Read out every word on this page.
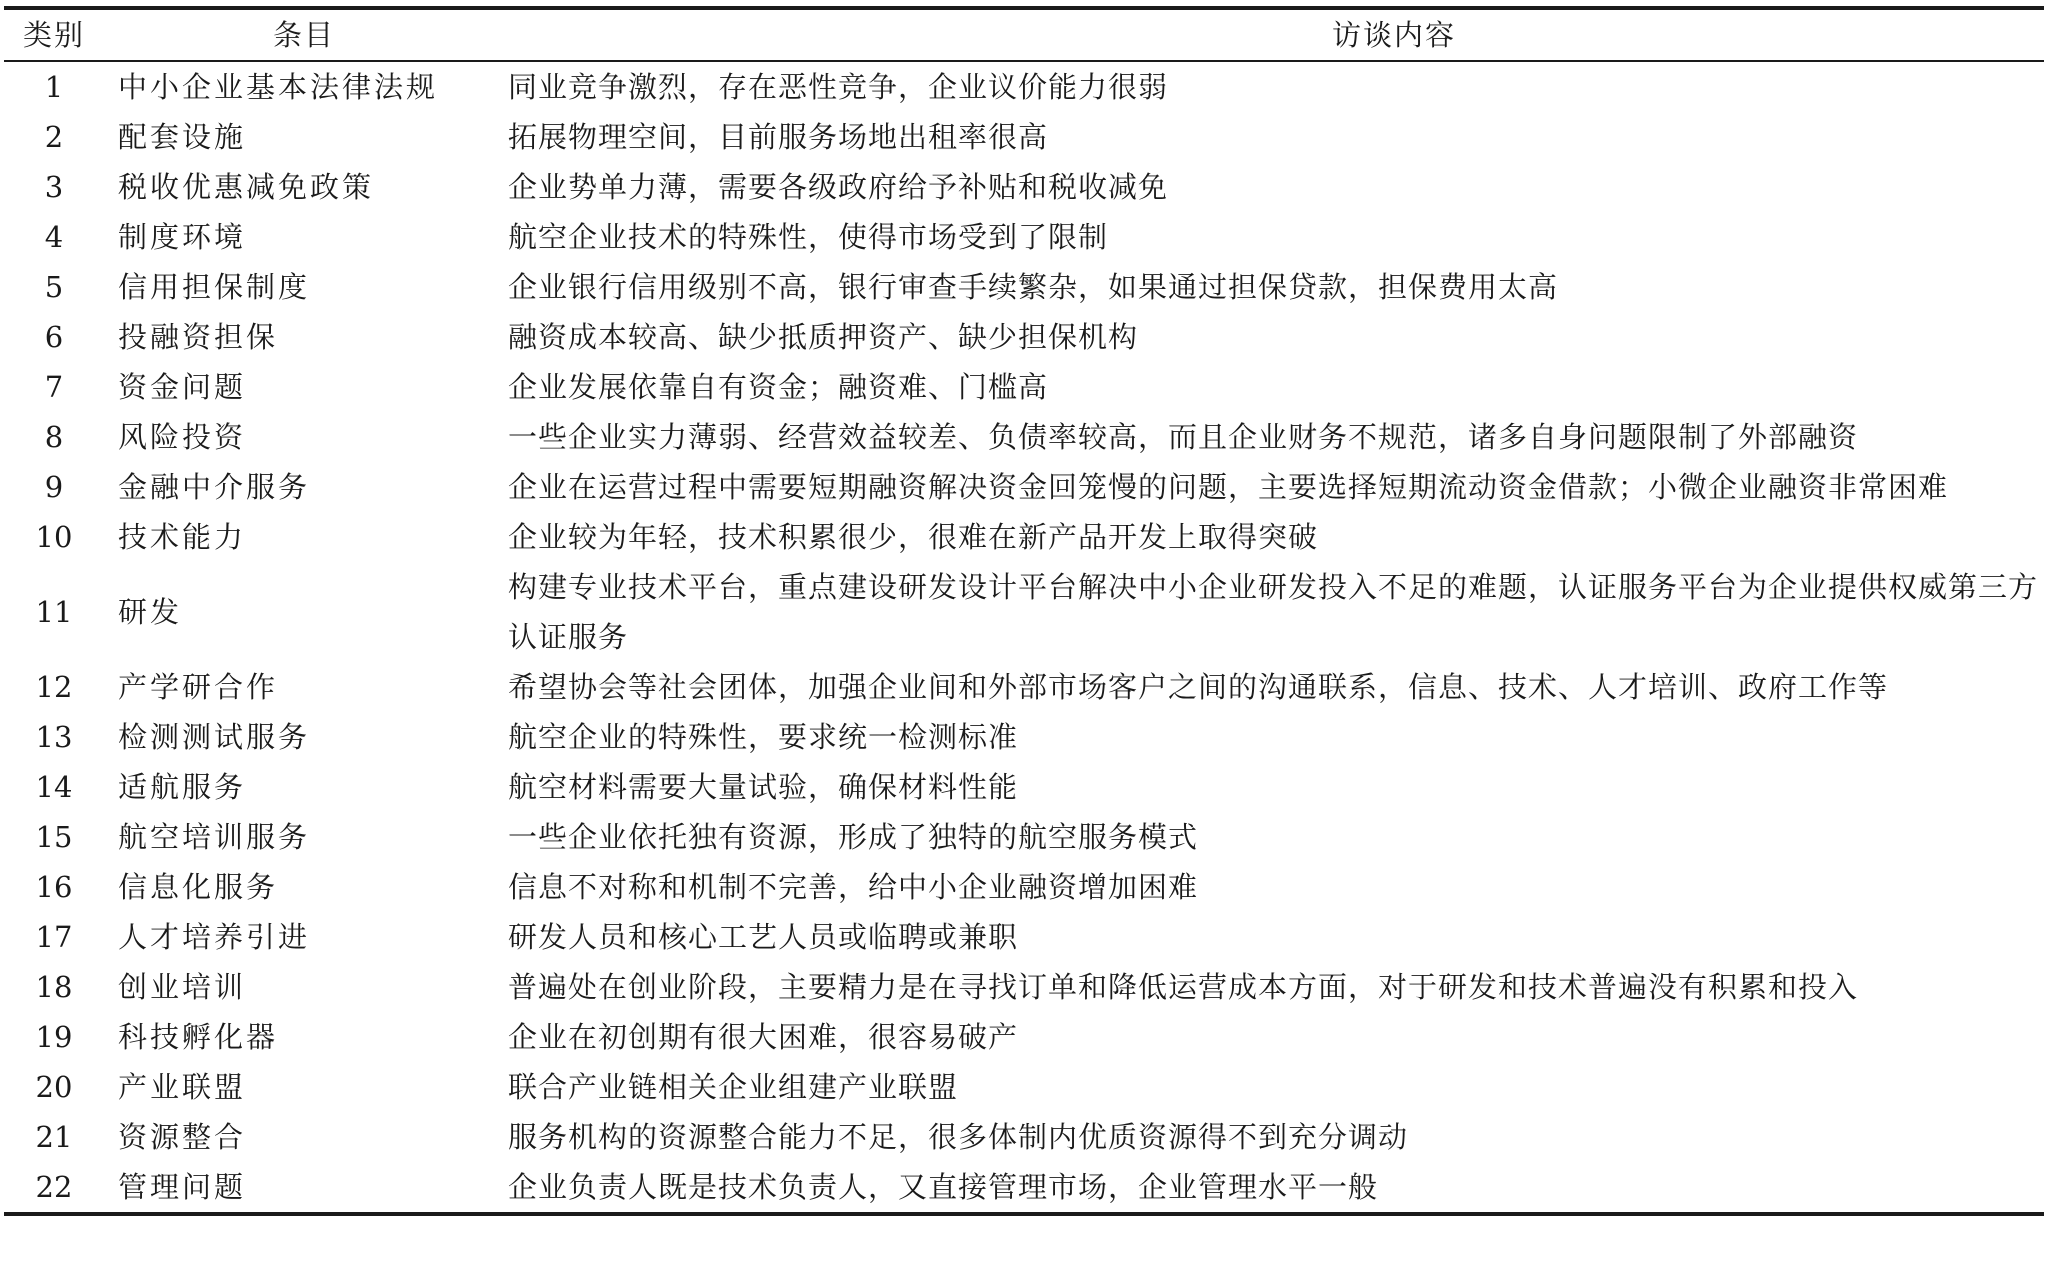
类别	条目	访谈内容
1	中小企业基本法律法规	同业竞争激烈，存在恶性竞争，企业议价能力很弱
2	配套设施	拓展物理空间，目前服务场地出租率很高
3	税收优惠减免政策	企业势单力薄，需要各级政府给予补贴和税收减免
4	制度环境	航空企业技术的特殊性，使得市场受到了限制
5	信用担保制度	企业银行信用级别不高，银行审查手续繁杂，如果通过担保贷款，担保费用太高
6	投融资担保	融资成本较高、缺少抵质押资产、缺少担保机构
7	资金问题	企业发展依靠自有资金；融资难、门槛高
8	风险投资	一些企业实力薄弱、经营效益较差、负债率较高，而且企业财务不规范，诸多自身问题限制了外部融资
9	金融中介服务	企业在运营过程中需要短期融资解决资金回笼慢的问题，主要选择短期流动资金借款；小微企业融资非常困难
10	技术能力	企业较为年轻，技术积累很少，很难在新产品开发上取得突破
11	研发	构建专业技术平台，重点建设研发设计平台解决中小企业研发投入不足的难题，认证服务平台为企业提供权威第三方认证服务
12	产学研合作	希望协会等社会团体，加强企业间和外部市场客户之间的沟通联系，信息、技术、人才培训、政府工作等
13	检测测试服务	航空企业的特殊性，要求统一检测标准
14	适航服务	航空材料需要大量试验，确保材料性能
15	航空培训服务	一些企业依托独有资源，形成了独特的航空服务模式
16	信息化服务	信息不对称和机制不完善，给中小企业融资增加困难
17	人才培养引进	研发人员和核心工艺人员或临聘或兼职
18	创业培训	普遍处在创业阶段，主要精力是在寻找订单和降低运营成本方面，对于研发和技术普遍没有积累和投入
19	科技孵化器	企业在初创期有很大困难，很容易破产
20	产业联盟	联合产业链相关企业组建产业联盟
21	资源整合	服务机构的资源整合能力不足，很多体制内优质资源得不到充分调动
22	管理问题	企业负责人既是技术负责人，又直接管理市场，企业管理水平一般
